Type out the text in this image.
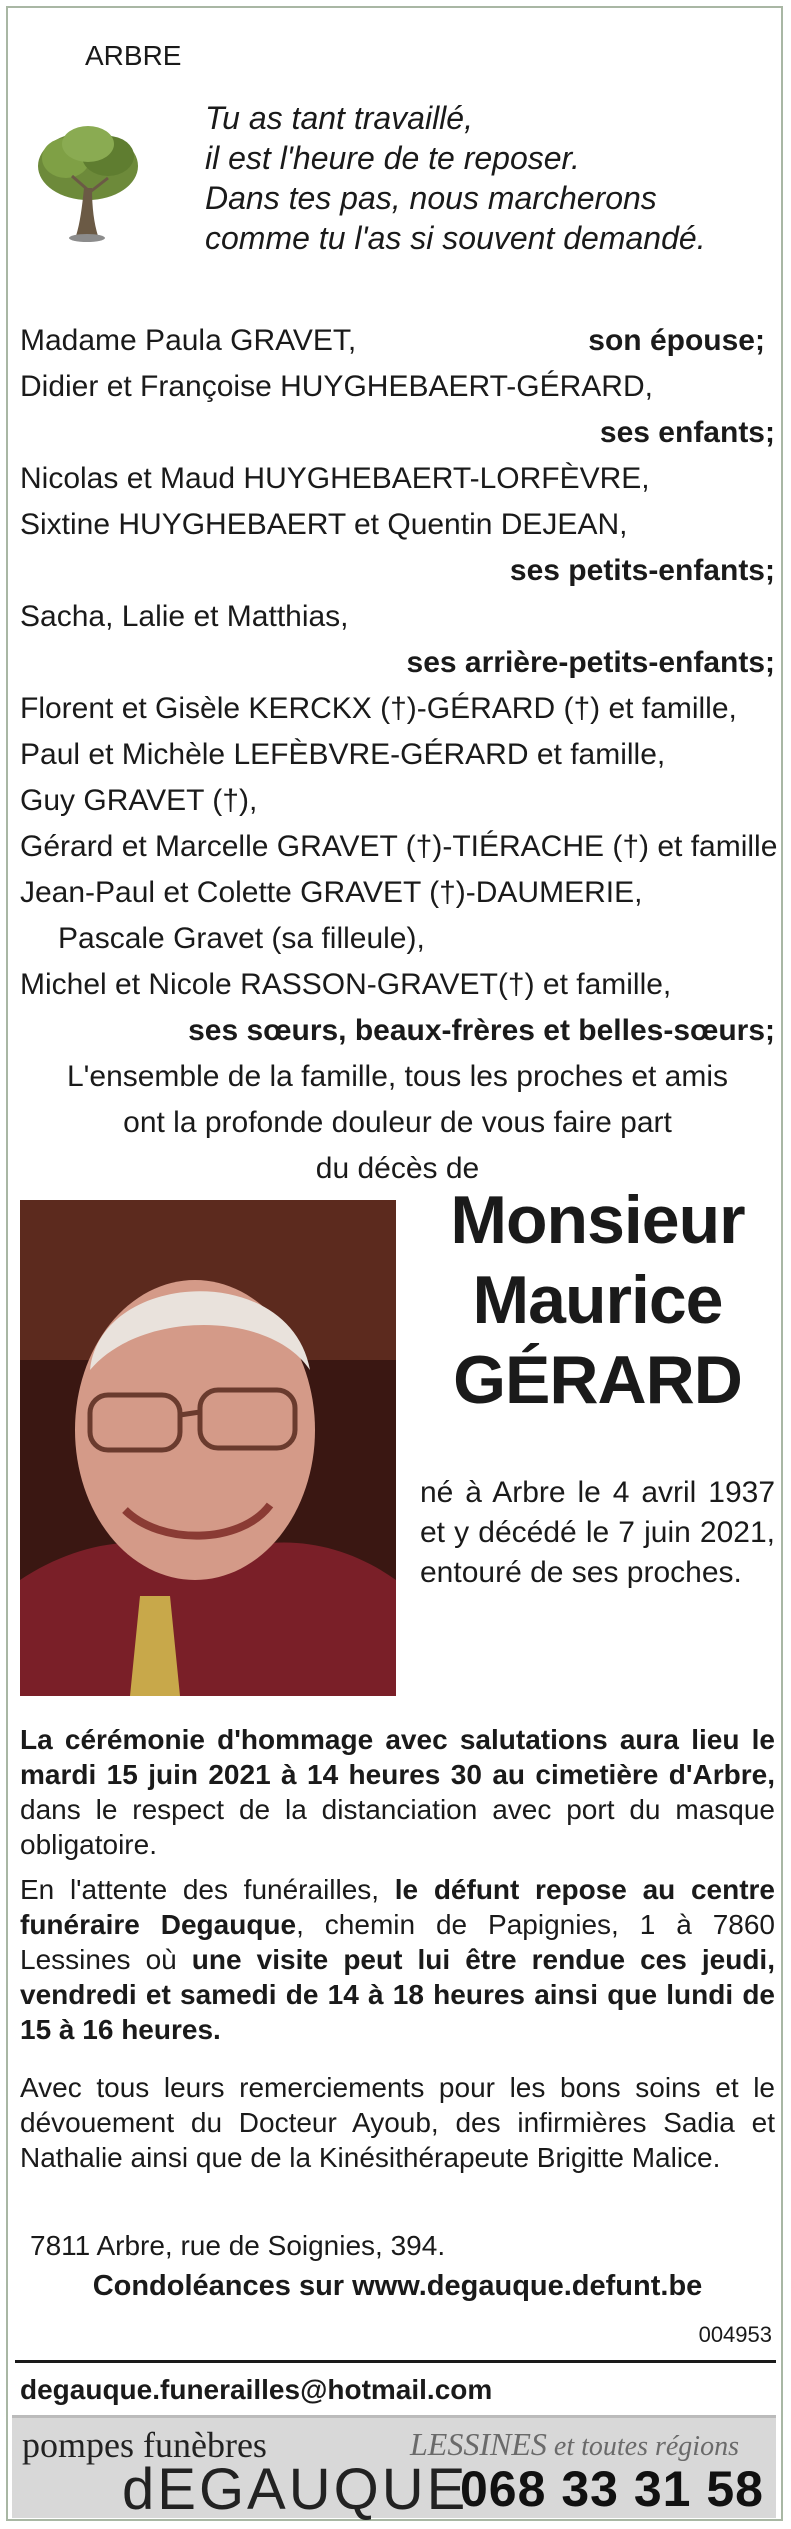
ARBRE
Tu as tant travaillé,
il est l'heure de te reposer.
Dans tes pas, nous marcherons
comme tu l'as si souvent demandé.
Madame Paula GRAVET,	son épouse;
Didier et Françoise HUYGHEBAERT-GÉRARD,
ses enfants;
Nicolas et Maud HUYGHEBAERT-LORFÈVRE,
Sixtine HUYGHEBAERT et Quentin DEJEAN,
ses petits-enfants;
Sacha, Lalie et Matthias,
ses arrière-petits-enfants;
Florent et Gisèle KERCKX (†)-GÉRARD (†) et famille,
Paul et Michèle LEFÈBVRE-GÉRARD et famille,
Guy GRAVET (†),
Gérard et Marcelle GRAVET (†)-TIÉRACHE (†) et famille
Jean-Paul et Colette GRAVET (†)-DAUMERIE,
Pascale Gravet (sa filleule),
Michel et Nicole RASSON-GRAVET(†) et famille,
ses sœurs, beaux-frères et belles-sœurs;
L'ensemble de la famille, tous les proches et amis
ont la profonde douleur de vous faire part
du décès de
Monsieur
Maurice
GÉRARD
né à Arbre le 4 avril 1937 et y décédé le 7 juin 2021, entouré de ses proches.
La cérémonie d'hommage avec salutations aura lieu le mardi 15 juin 2021 à 14 heures 30 au cimetière d'Arbre, dans le respect de la distanciation avec port du masque obligatoire.
En l'attente des funérailles, le défunt repose au centre funéraire Degauque, chemin de Papignies, 1 à 7860 Lessines où une visite peut lui être rendue ces jeudi, vendredi et samedi de 14 à 18 heures ainsi que lundi de 15 à 16 heures.
Avec tous leurs remerciements pour les bons soins et le dévouement du Docteur Ayoub, des infirmières Sadia et Nathalie ainsi que de la Kinésithérapeute Brigitte Malice.
7811 Arbre, rue de Soignies, 394.
Condoléances sur www.degauque.defunt.be
004953
degauque.funerailles@hotmail.com
pompes funèbres
dEGAUQUE
LESSINES et toutes régions
068 33 31 58
